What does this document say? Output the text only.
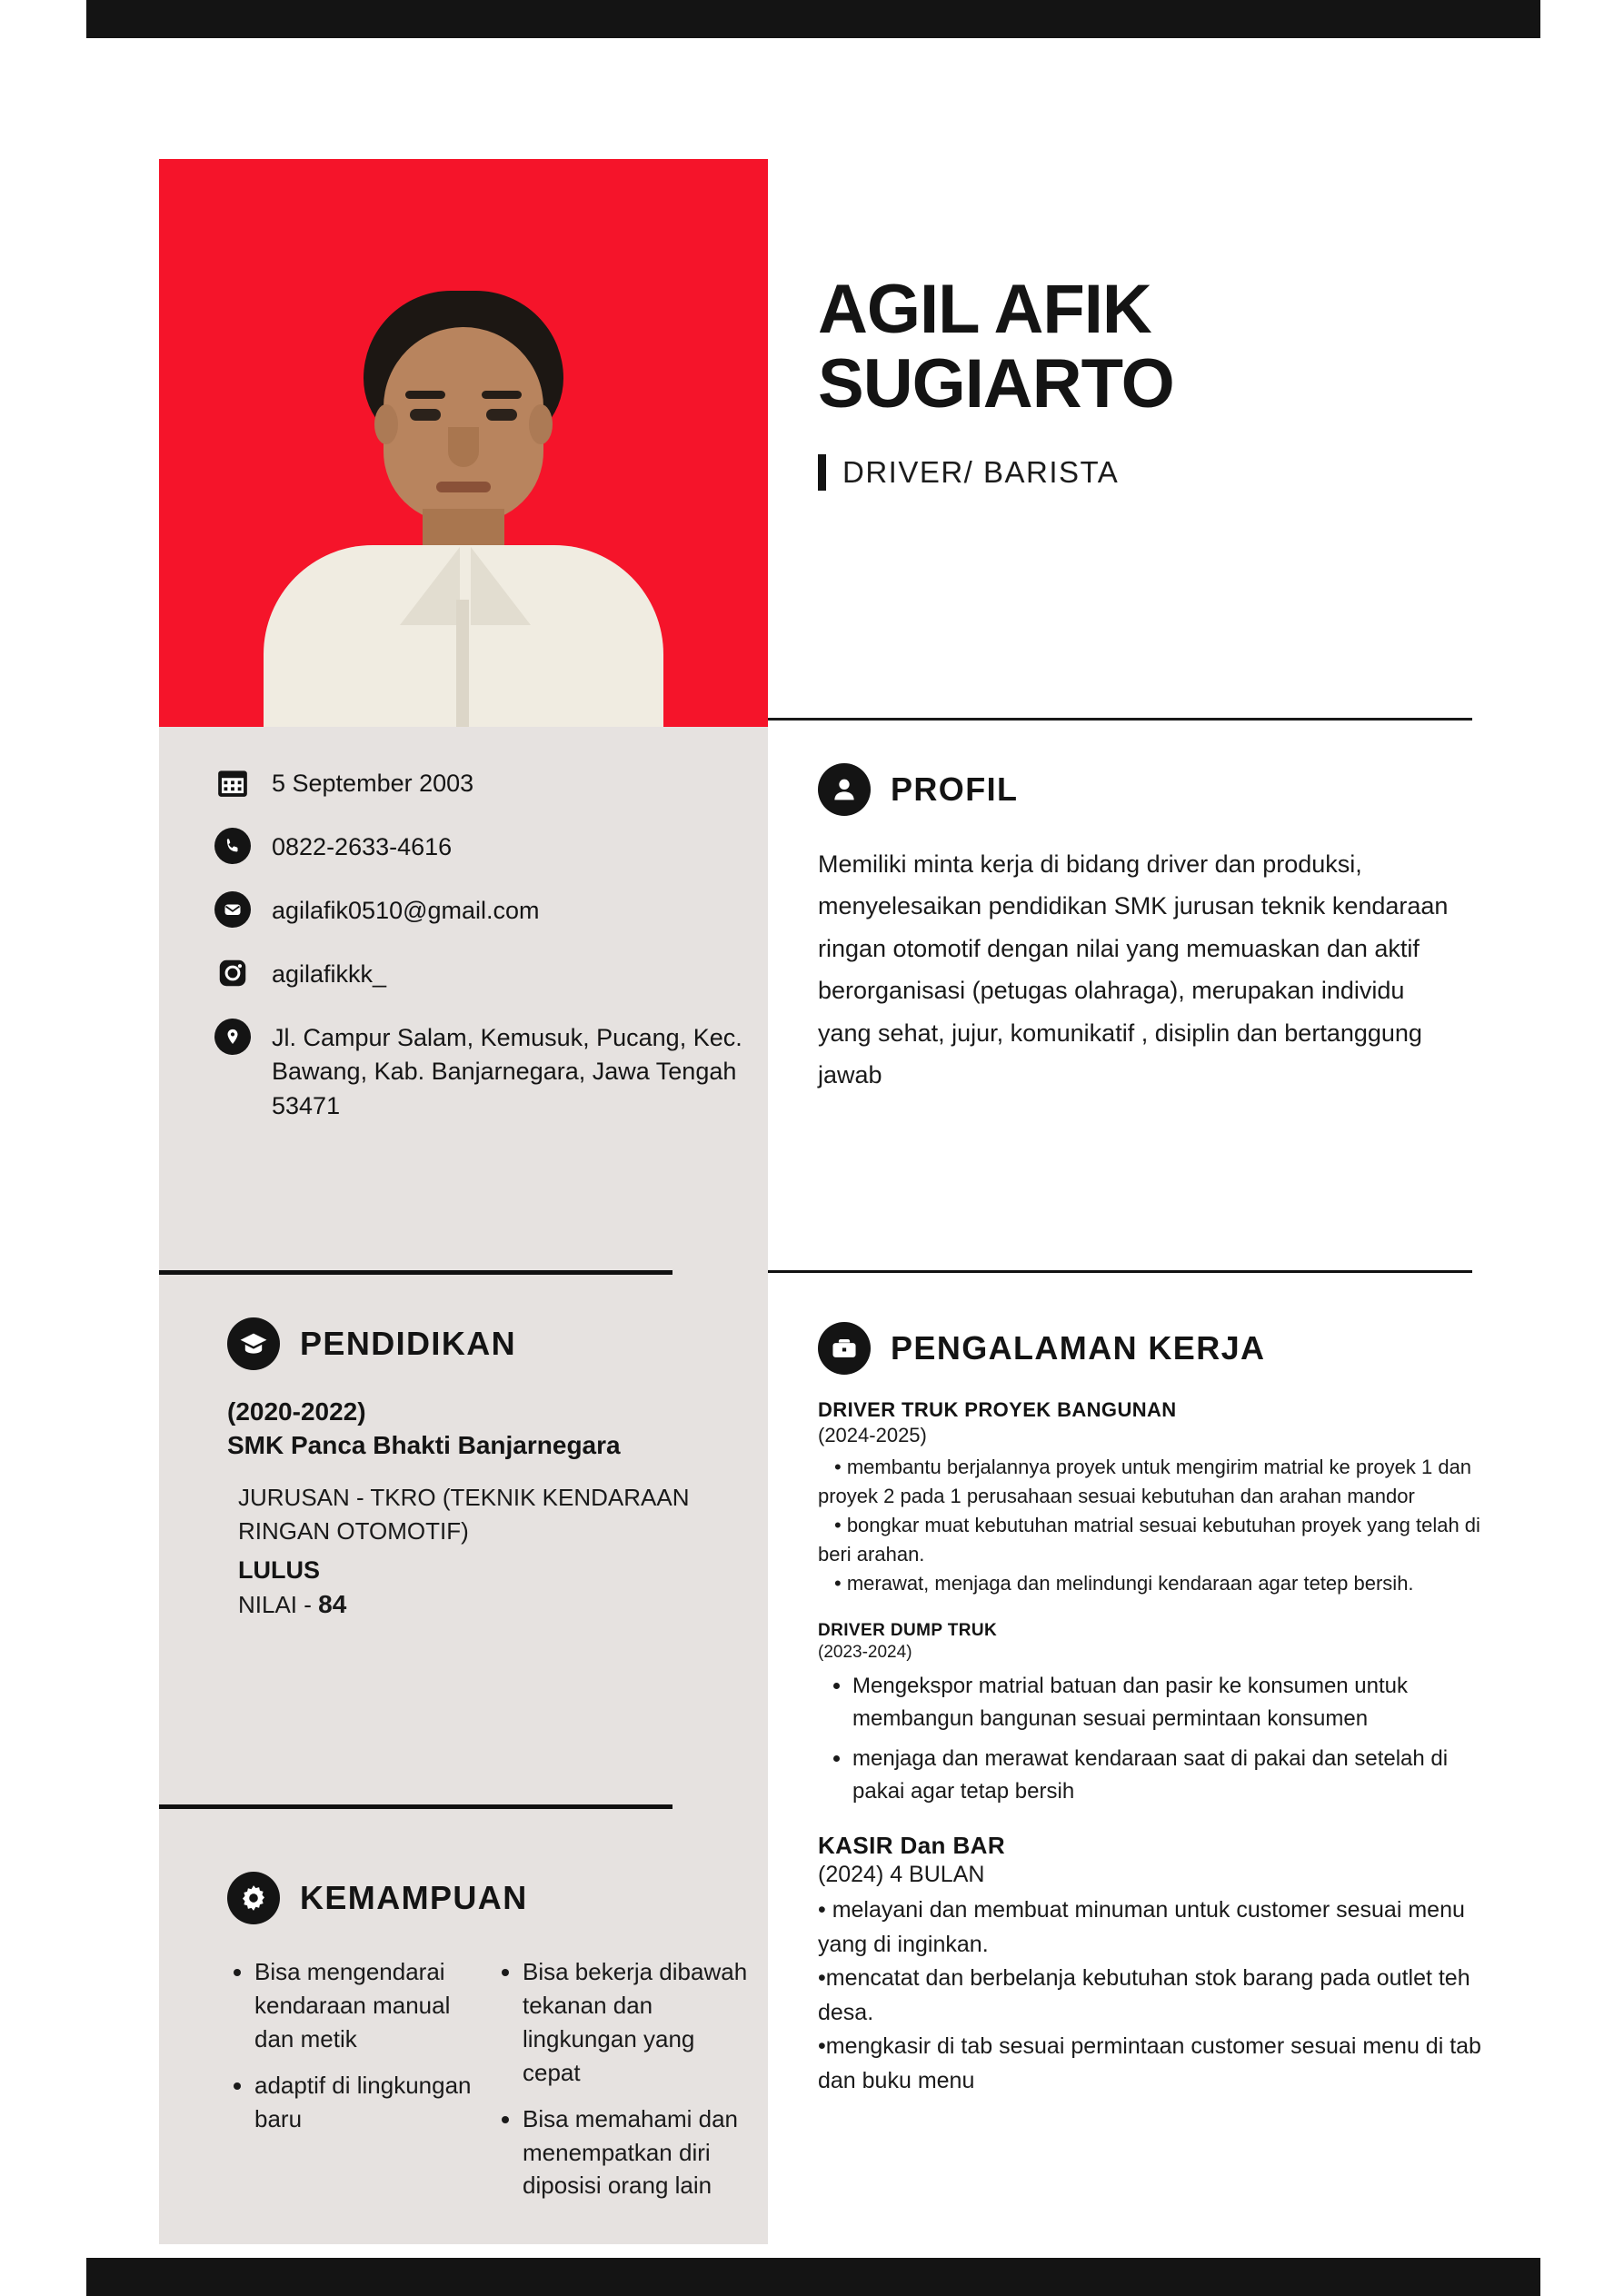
AGIL AFIK
SUGIARTO
DRIVER/ BARISTA
5 September 2003
0822-2633-4616
agilafik0510@gmail.com
agilafikkk_
Jl. Campur Salam, Kemusuk, Pucang, Kec. Bawang, Kab. Banjarnegara, Jawa Tengah 53471
PROFIL
Memiliki minta kerja di bidang driver dan produksi, menyelesaikan pendidikan SMK jurusan teknik kendaraan ringan otomotif dengan nilai yang memuaskan dan aktif berorganisasi (petugas olahraga), merupakan individu yang sehat, jujur, komunikatif , disiplin dan bertanggung jawab
PENDIDIKAN
(2020-2022)
SMK Panca Bhakti Banjarnegara
JURUSAN - TKRO (TEKNIK KENDARAAN RINGAN OTOMOTIF)
LULUS
NILAI - 84
KEMAMPUAN
• Bisa mengendarai kendaraan manual dan metik
• adaptif di lingkungan baru
• Bisa bekerja dibawah tekanan dan lingkungan yang cepat
• Bisa memahami dan menempatkan diri diposisi orang lain
PENGALAMAN KERJA
DRIVER TRUK PROYEK BANGUNAN
(2024-2025)
• membantu berjalannya proyek untuk mengirim matrial ke proyek 1 dan proyek 2 pada 1 perusahaan sesuai kebutuhan dan arahan mandor
• bongkar muat kebutuhan matrial sesuai kebutuhan proyek yang telah di beri arahan.
• merawat, menjaga dan melindungi kendaraan agar tetep bersih.
DRIVER DUMP TRUK
(2023-2024)
• Mengekspor matrial batuan dan pasir ke konsumen untuk membangun bangunan sesuai permintaan konsumen
• menjaga dan merawat kendaraan saat di pakai dan setelah di pakai agar tetap bersih
KASIR Dan BAR
(2024) 4 BULAN
• melayani dan membuat minuman untuk customer sesuai menu yang di inginkan.
•mencatat dan berbelanja kebutuhan stok barang pada outlet teh desa.
•mengkasir di tab sesuai permintaan customer sesuai menu di tab dan buku menu
